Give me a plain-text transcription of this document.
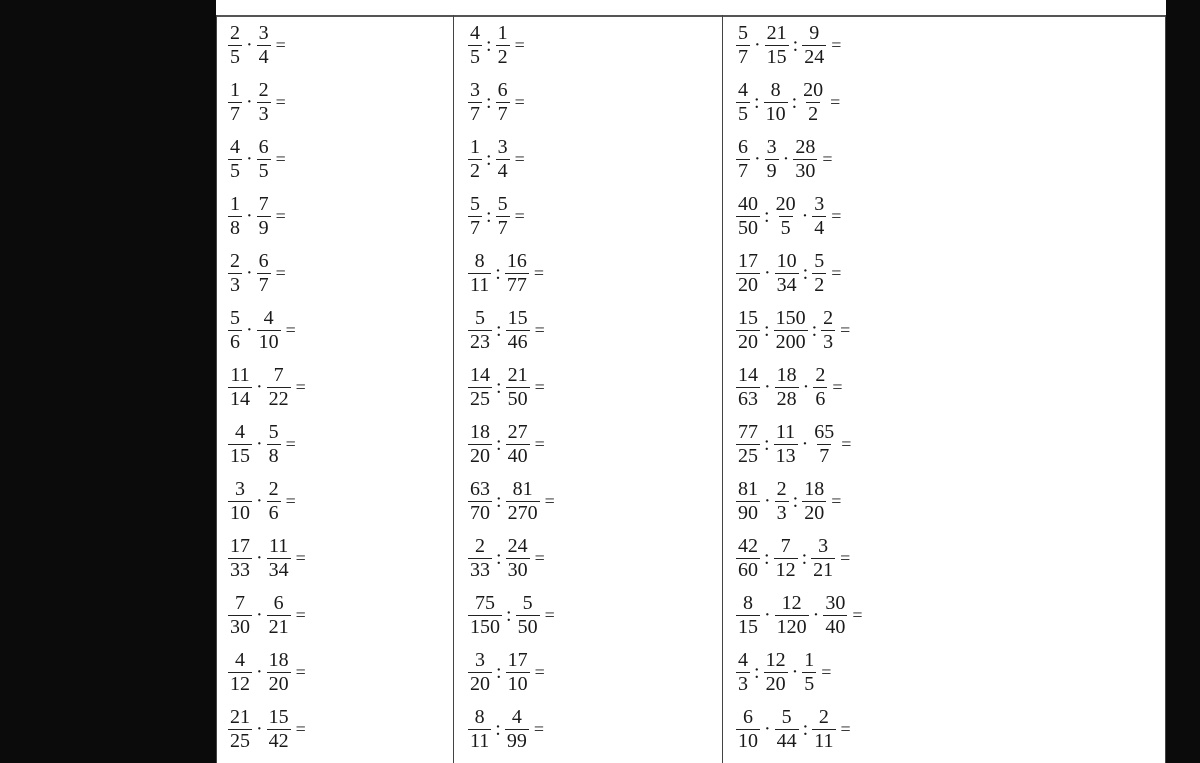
$\frac{2}{5} \cdot \frac{3}{4}$ =
$\frac{1}{7} \cdot \frac{2}{3}$ =
$\frac{4}{5} \cdot \frac{6}{5}$ =
$\frac{1}{8} \cdot \frac{7}{9}$ =
$\frac{2}{3} \cdot \frac{6}{7}$ =
$\frac{5}{6} \cdot \frac{4}{10}$ =
$\frac{11}{14} \cdot \frac{7}{22}$ =
$\frac{4}{15} \cdot \frac{5}{8}$ =
$\frac{3}{10} \cdot \frac{2}{6}$ =
$\frac{17}{33} \cdot \frac{11}{34}$ =
$\frac{7}{30} \cdot \frac{6}{21}$ =
$\frac{4}{12} \cdot \frac{18}{20}$ =
$\frac{21}{25} \cdot \frac{15}{42}$ =
$\frac{4}{5}$ : $\frac{1}{2}$ =
$\frac{3}{7}$ : $\frac{6}{7}$ =
$\frac{1}{2}$ : $\frac{3}{4}$ =
$\frac{5}{7}$ : $\frac{5}{7}$ =
$\frac{8}{11}$ : $\frac{16}{77}$ =
$\frac{5}{23}$ : $\frac{15}{46}$ =
$\frac{14}{25}$ : $\frac{21}{50}$ =
$\frac{18}{20}$ : $\frac{27}{40}$ =
$\frac{63}{70}$ : $\frac{81}{270}$ =
$\frac{2}{33}$ : $\frac{24}{30}$ =
$\frac{75}{150}$ : $\frac{5}{50}$ =
$\frac{3}{20}$ : $\frac{17}{10}$ =
$\frac{8}{11}$ : $\frac{4}{99}$ =
$\frac{5}{7} \cdot \frac{21}{15}$ : $\frac{9}{24}$ =
$\frac{4}{5}$ : $\frac{8}{10}$ : $\frac{20}{2}$ =
$\frac{6}{7} \cdot \frac{3}{9} \cdot \frac{28}{30}$ =
$\frac{40}{50}$ : $\frac{20}{5} \cdot \frac{3}{4}$ =
$\frac{17}{20} \cdot \frac{10}{34}$ : $\frac{5}{2}$ =
$\frac{15}{20}$ : $\frac{150}{200}$ : $\frac{2}{3}$ =
$\frac{14}{63} \cdot \frac{18}{28} \cdot \frac{2}{6}$ =
$\frac{77}{25}$ : $\frac{11}{13} \cdot \frac{65}{7}$ =
$\frac{81}{90} \cdot \frac{2}{3}$ : $\frac{18}{20}$ =
$\frac{42}{60}$ : $\frac{7}{12}$ : $\frac{3}{21}$ =
$\frac{8}{15} \cdot \frac{12}{120} \cdot \frac{30}{40}$ =
$\frac{4}{3}$ : $\frac{12}{20} \cdot \frac{1}{5}$ =
$\frac{6}{10} \cdot \frac{5}{44}$ : $\frac{2}{11}$ =
